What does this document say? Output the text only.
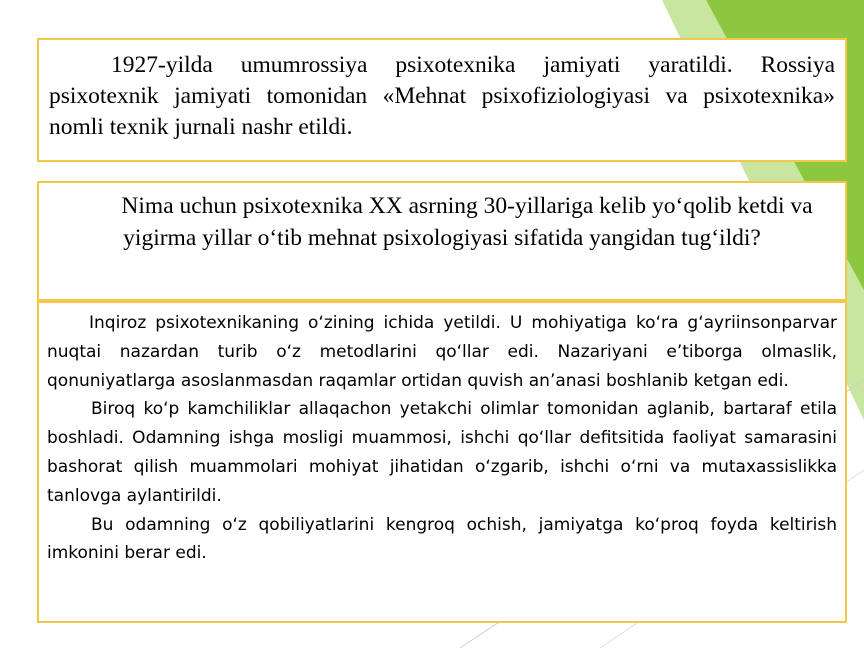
1927-yilda umumrossiya psixotexnika jamiyati yaratildi. Rossiya psixotexnik jamiyati tomonidan «Mehnat psixofiziologiyasi va psixotexnika» nomli texnik jurnali nashr etildi.

Nima uchun psixotexnika XX asrning 30-yillariga kelib yo‘qolib ketdi va yigirma yillar o‘tib mehnat psixologiyasi sifatida yangidan tug‘ildi?

Inqiroz psixotexnikaning o‘zining ichida yetildi. U mohiyatiga ko‘ra g‘ayriinsonparvar nuqtai nazardan turib o‘z metodlarini qo‘llar edi. Nazariyani e’tiborga olmaslik, qonuniyatlarga asoslanmasdan raqamlar ortidan quvish an’anasi boshlanib ketgan edi.

Biroq ko‘p kamchiliklar allaqachon yetakchi olimlar tomonidan aglanib, bartaraf etila boshladi. Odamning ishga mosligi muammosi, ishchi qo‘llar defitsitida faoliyat samarasini bashorat qilish muammolari mohiyat jihatidan o‘zgarib, ishchi o‘rni va mutaxassislikka tanlovga aylantirildi.

Bu odamning o‘z qobiliyatlarini kengroq ochish, jamiyatga ko‘proq foyda keltirish imkonini berar edi.
